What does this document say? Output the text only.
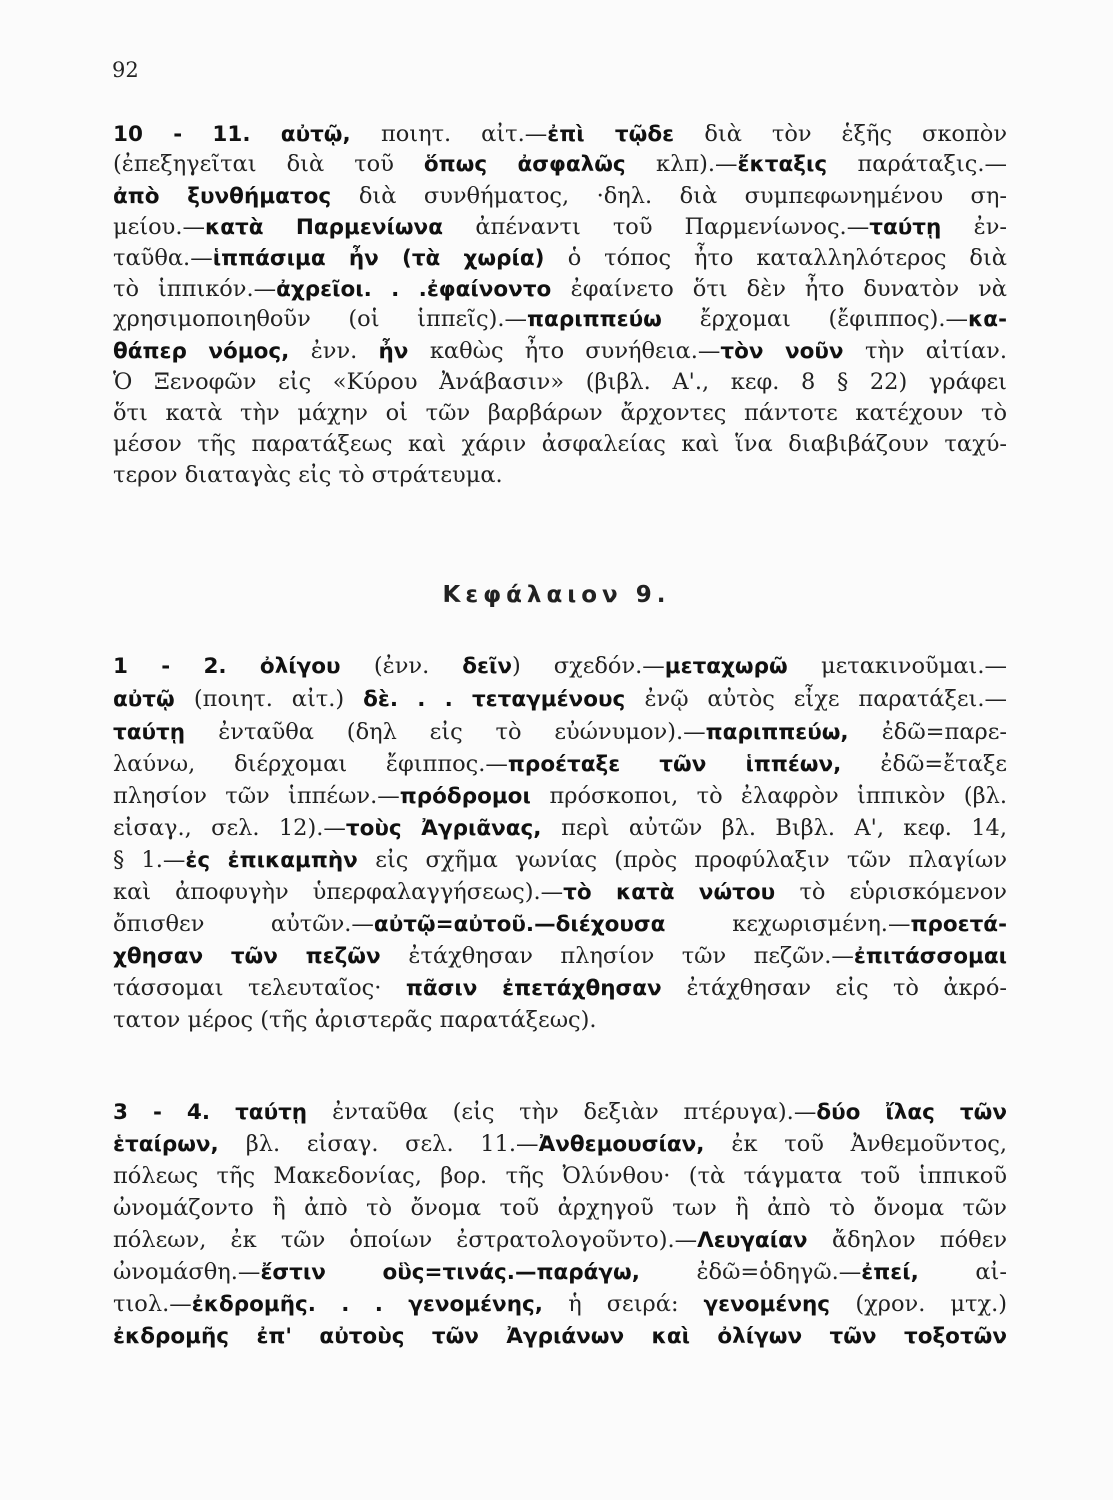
92
Κεφάλαιον 9.
10 - 11. αὐτῷ, ποιητ. αἰτ.—ἐπὶ τῷδε διὰ τὸν ἑξῆς σκοπὸν
(ἐπεξηγεῖται διὰ τοῦ ὅπως ἀσφαλῶς κλπ).—ἔκταξις παράταξις.—
ἀπὸ ξυνθήματος διὰ συνθήματος, ·δηλ. διὰ συμπεφωνημένου ση-
μείου.—κατὰ Παρμενίωνα ἀπέναντι τοῦ Παρμενίωνος.—ταύτῃ ἐν-
ταῦθα.—ἱππάσιμα ἦν (τὰ χωρία) ὁ τόπος ἦτο καταλληλότερος διὰ
τὸ ἱππικόν.—ἀχρεῖοι. . .ἐφαίνοντο ἐφαίνετο ὅτι δὲν ἦτο δυνατὸν νὰ
χρησιμοποιηθοῦν (οἱ ἱππεῖς).—παριππεύω ἔρχομαι (ἔφιππος).—κα-
θάπερ νόμος, ἐνν. ἦν καθὼς ἦτο συνήθεια.—τὸν νοῦν τὴν αἰτίαν.
Ὁ Ξενοφῶν εἰς «Κύρου Ἀνάβασιν» (βιβλ. Α'., κεφ. 8 § 22) γράφει
ὅτι κατὰ τὴν μάχην οἱ τῶν βαρβάρων ἄρχοντες πάντοτε κατέχουν τὸ
μέσον τῆς παρατάξεως καὶ χάριν ἀσφαλείας καὶ ἵνα διαβιβάζουν ταχύ-
τερον διαταγὰς εἰς τὸ στράτευμα.
1 - 2. ὀλίγου (ἐνν. δεῖν) σχεδόν.—μεταχωρῶ μετακινοῦμαι.—
αὐτῷ (ποιητ. αἰτ.) δὲ. . . τεταγμένους ἐνῷ αὐτὸς εἶχε παρατάξει.—
ταύτῃ ἐνταῦθα (δηλ εἰς τὸ εὐώνυμον).—παριππεύω, ἐδῶ=παρε-
λαύνω, διέρχομαι ἔφιππος.—προέταξε τῶν ἱππέων, ἐδῶ=ἔταξε
πλησίον τῶν ἱππέων.—πρόδρομοι πρόσκοποι, τὸ ἐλαφρὸν ἱππικὸν (βλ.
εἰσαγ., σελ. 12).—τοὺς Ἀγριᾶνας, περὶ αὐτῶν βλ. Βιβλ. Α', κεφ. 14,
§ 1.—ἐς ἐπικαμπὴν εἰς σχῆμα γωνίας (πρὸς προφύλαξιν τῶν πλαγίων
καὶ ἀποφυγὴν ὑπερφαλαγγήσεως).—τὸ κατὰ νώτου τὸ εὑρισκόμενον
ὄπισθεν αὐτῶν.—αὐτῷ=αὐτοῦ.—διέχουσα κεχωρισμένη.—προετά-
χθησαν τῶν πεζῶν ἐτάχθησαν πλησίον τῶν πεζῶν.—ἐπιτάσσομαι
τάσσομαι τελευταῖος· πᾶσιν ἐπετάχθησαν ἐτάχθησαν εἰς τὸ ἀκρό-
τατον μέρος (τῆς ἀριστερᾶς παρατάξεως).
3 - 4. ταύτῃ ἐνταῦθα (εἰς τὴν δεξιὰν πτέρυγα).—δύο ἴλας τῶν
ἑταίρων, βλ. εἰσαγ. σελ. 11.—Ἀνθεμουσίαν, ἐκ τοῦ Ἀνθεμοῦντος,
πόλεως τῆς Μακεδονίας, βορ. τῆς Ὀλύνθου· (τὰ τάγματα τοῦ ἱππικοῦ
ὠνομάζοντο ἢ ἀπὸ τὸ ὄνομα τοῦ ἀρχηγοῦ των ἢ ἀπὸ τὸ ὄνομα τῶν
πόλεων, ἐκ τῶν ὁποίων ἐστρατολογοῦντο).—Λευγαίαν ἄδηλον πόθεν
ὠνομάσθη.—ἔστιν οὓς=τινάς.—παράγω, ἐδῶ=ὁδηγῶ.—ἐπεί, αἰ-
τιολ.—ἐκδρομῆς. . . γενομένης, ἡ σειρά: γενομένης (χρον. μτχ.)
ἐκδρομῆς ἐπ' αὐτοὺς τῶν Ἀγριάνων καὶ ὀλίγων τῶν τοξοτῶν
